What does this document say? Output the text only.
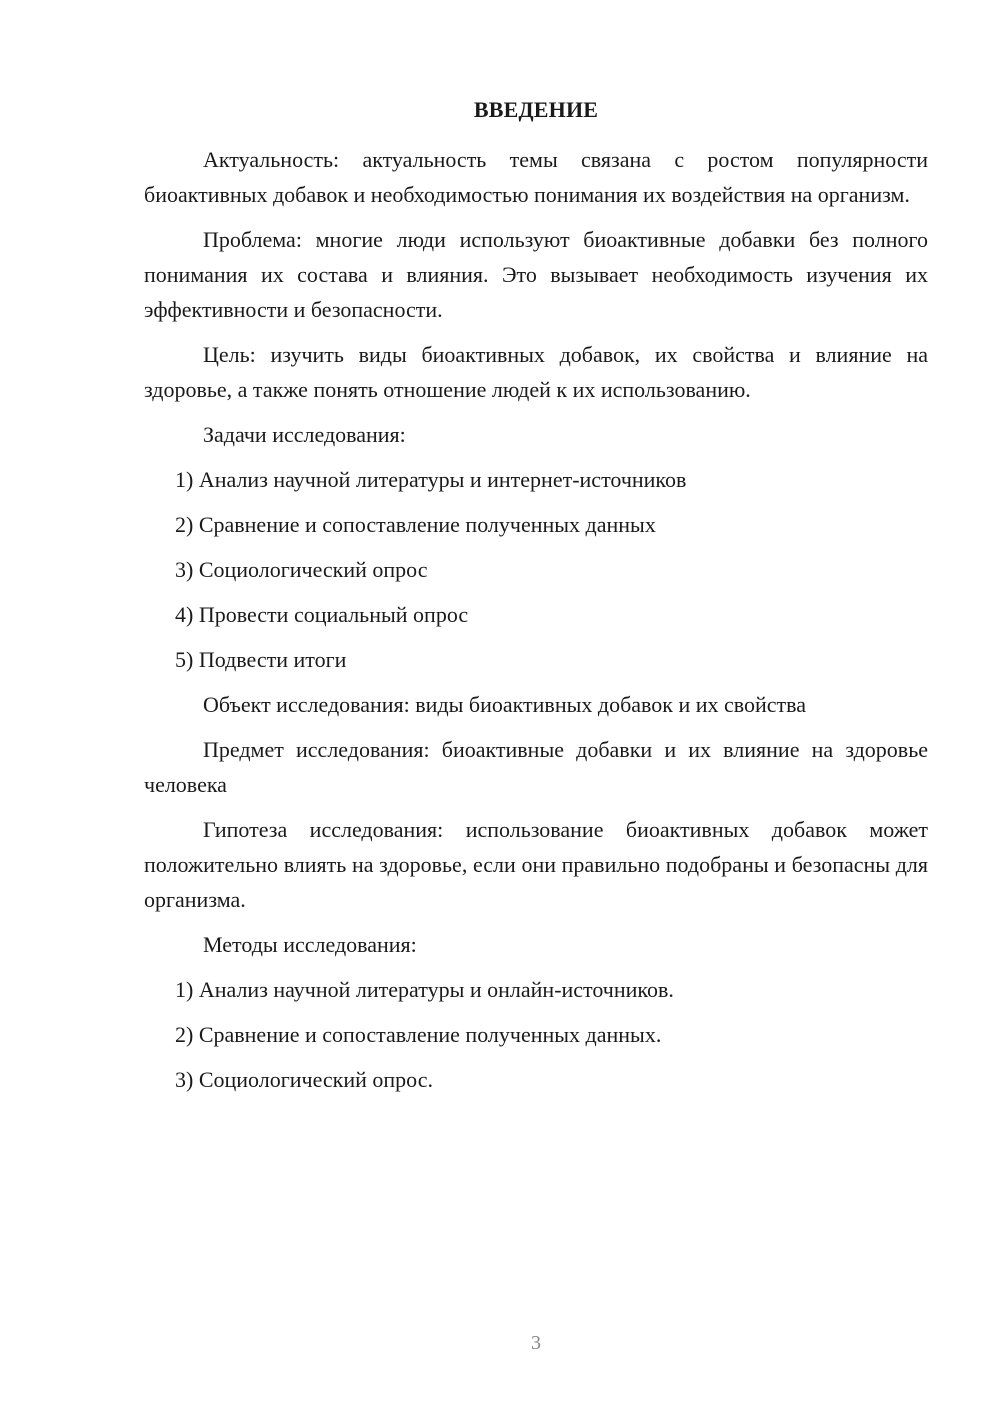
ВВЕДЕНИЕ

Актуальность: актуальность темы связана с ростом популярности биоактивных добавок и необходимостью понимания их воздействия на организм.

Проблема: многие люди используют биоактивные добавки без полного понимания их состава и влияния. Это вызывает необходимость изучения их эффективности и безопасности.

Цель: изучить виды биоактивных добавок, их свойства и влияние на здоровье, а также понять отношение людей к их использованию.

Задачи исследования:

1) Анализ научной литературы и интернет-источников
2) Сравнение и сопоставление полученных данных
3) Социологический опрос
4) Провести социальный опрос
5) Подвести итоги

Объект исследования: виды биоактивных добавок и их свойства

Предмет исследования: биоактивные добавки и их влияние на здоровье человека

Гипотеза исследования: использование биоактивных добавок может положительно влиять на здоровье, если они правильно подобраны и безопасны для организма.

Методы исследования:

1) Анализ научной литературы и онлайн-источников.
2) Сравнение и сопоставление полученных данных.
3) Социологический опрос.
3
